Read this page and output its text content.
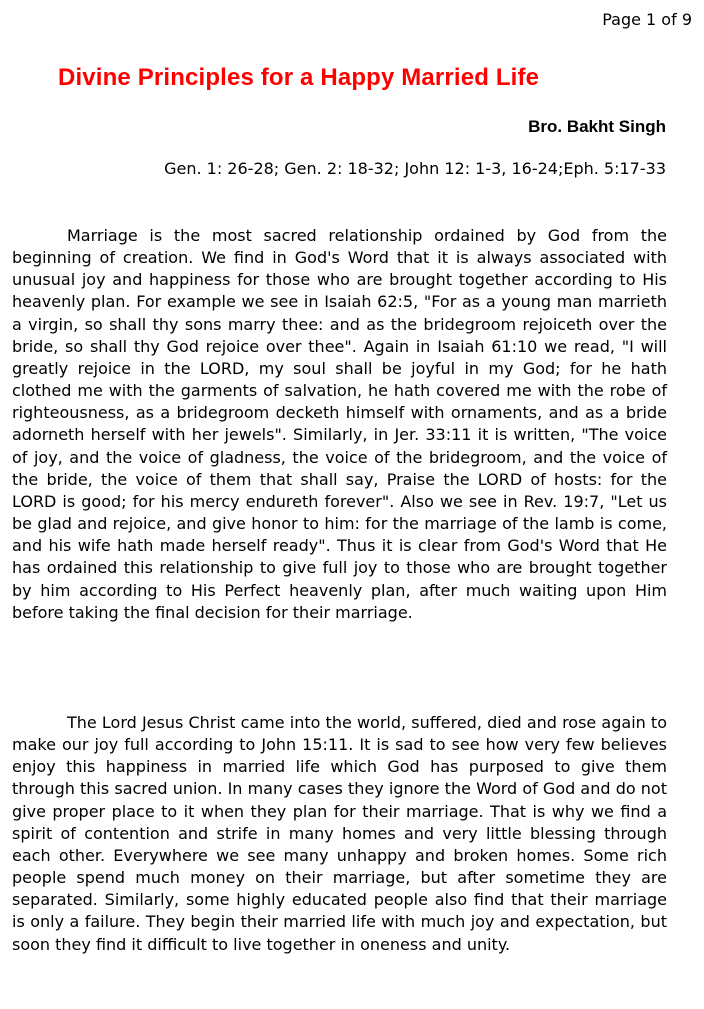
Page 1 of 9
Divine Principles for a Happy Married Life
Bro. Bakht Singh
Gen. 1: 26-28; Gen. 2: 18-32; John 12: 1-3, 16-24;Eph. 5:17-33

Marriage is the most sacred relationship ordained by God from the beginning of creation. We find in God's Word that it is always associated with unusual joy and happiness for those who are brought together according to His heavenly plan. For example we see in Isaiah 62:5, "For as a young man marrieth a virgin, so shall thy sons marry thee: and as the bridegroom rejoiceth over the bride, so shall thy God rejoice over thee". Again in Isaiah 61:10 we read, "I will greatly rejoice in the LORD, my soul shall be joyful in my God; for he hath clothed me with the garments of salvation, he hath covered me with the robe of righteousness, as a bridegroom decketh himself with ornaments, and as a bride adorneth herself with her jewels". Similarly, in Jer. 33:11 it is written, "The voice of joy, and the voice of gladness, the voice of the bridegroom, and the voice of the bride, the voice of them that shall say, Praise the LORD of hosts: for the LORD is good; for his mercy endureth forever". Also we see in Rev. 19:7, "Let us be glad and rejoice, and give honor to him: for the marriage of the lamb is come, and his wife hath made herself ready". Thus it is clear from God's Word that He has ordained this relationship to give full joy to those who are brought together by him according to His Perfect heavenly plan, after much waiting upon Him before taking the final decision for their marriage.

The Lord Jesus Christ came into the world, suffered, died and rose again to make our joy full according to John 15:11. It is sad to see how very few believes enjoy this happiness in married life which God has purposed to give them through this sacred union. In many cases they ignore the Word of God and do not give proper place to it when they plan for their marriage. That is why we find a spirit of contention and strife in many homes and very little blessing through each other. Everywhere we see many unhappy and broken homes. Some rich people spend much money on their marriage, but after sometime they are separated. Similarly, some highly educated people also find that their marriage is only a failure. They begin their married life with much joy and expectation, but soon they find it difficult to live together in oneness and unity.
